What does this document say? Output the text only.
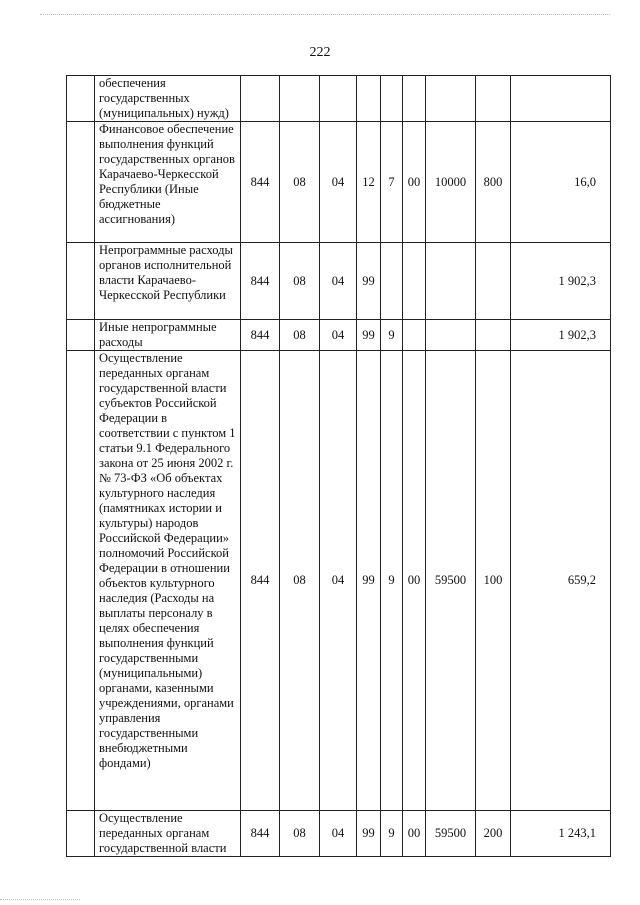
222
	обеспечения государственных (муниципальных) нужд)									
	Финансовое обеспечение выполнения функций государственных органов Карачаево-Черкесской Республики (Иные бюджетные ассигнования)	844	08	04	12	7	00	10000	800	16,0
	Непрограммные расходы органов исполнительной власти Карачаево-Черкесской Республики	844	08	04	99					1 902,3
	Иные непрограммные расходы	844	08	04	99	9				1 902,3
	Осуществление переданных органам государственной власти субъектов Российской Федерации в соответствии с пунктом 1 статьи 9.1 Федерального закона от 25 июня 2002 г. № 73-ФЗ «Об объектах культурного наследия (памятниках истории и культуры) народов Российской Федерации» полномочий Российской Федерации в отношении объектов культурного наследия (Расходы на выплаты персоналу в целях обеспечения выполнения функций государственными (муниципальными) органами, казенными учреждениями, органами управления государственными внебюджетными фондами)	844	08	04	99	9	00	59500	100	659,2
	Осуществление переданных органам государственной власти	844	08	04	99	9	00	59500	200	1 243,1
